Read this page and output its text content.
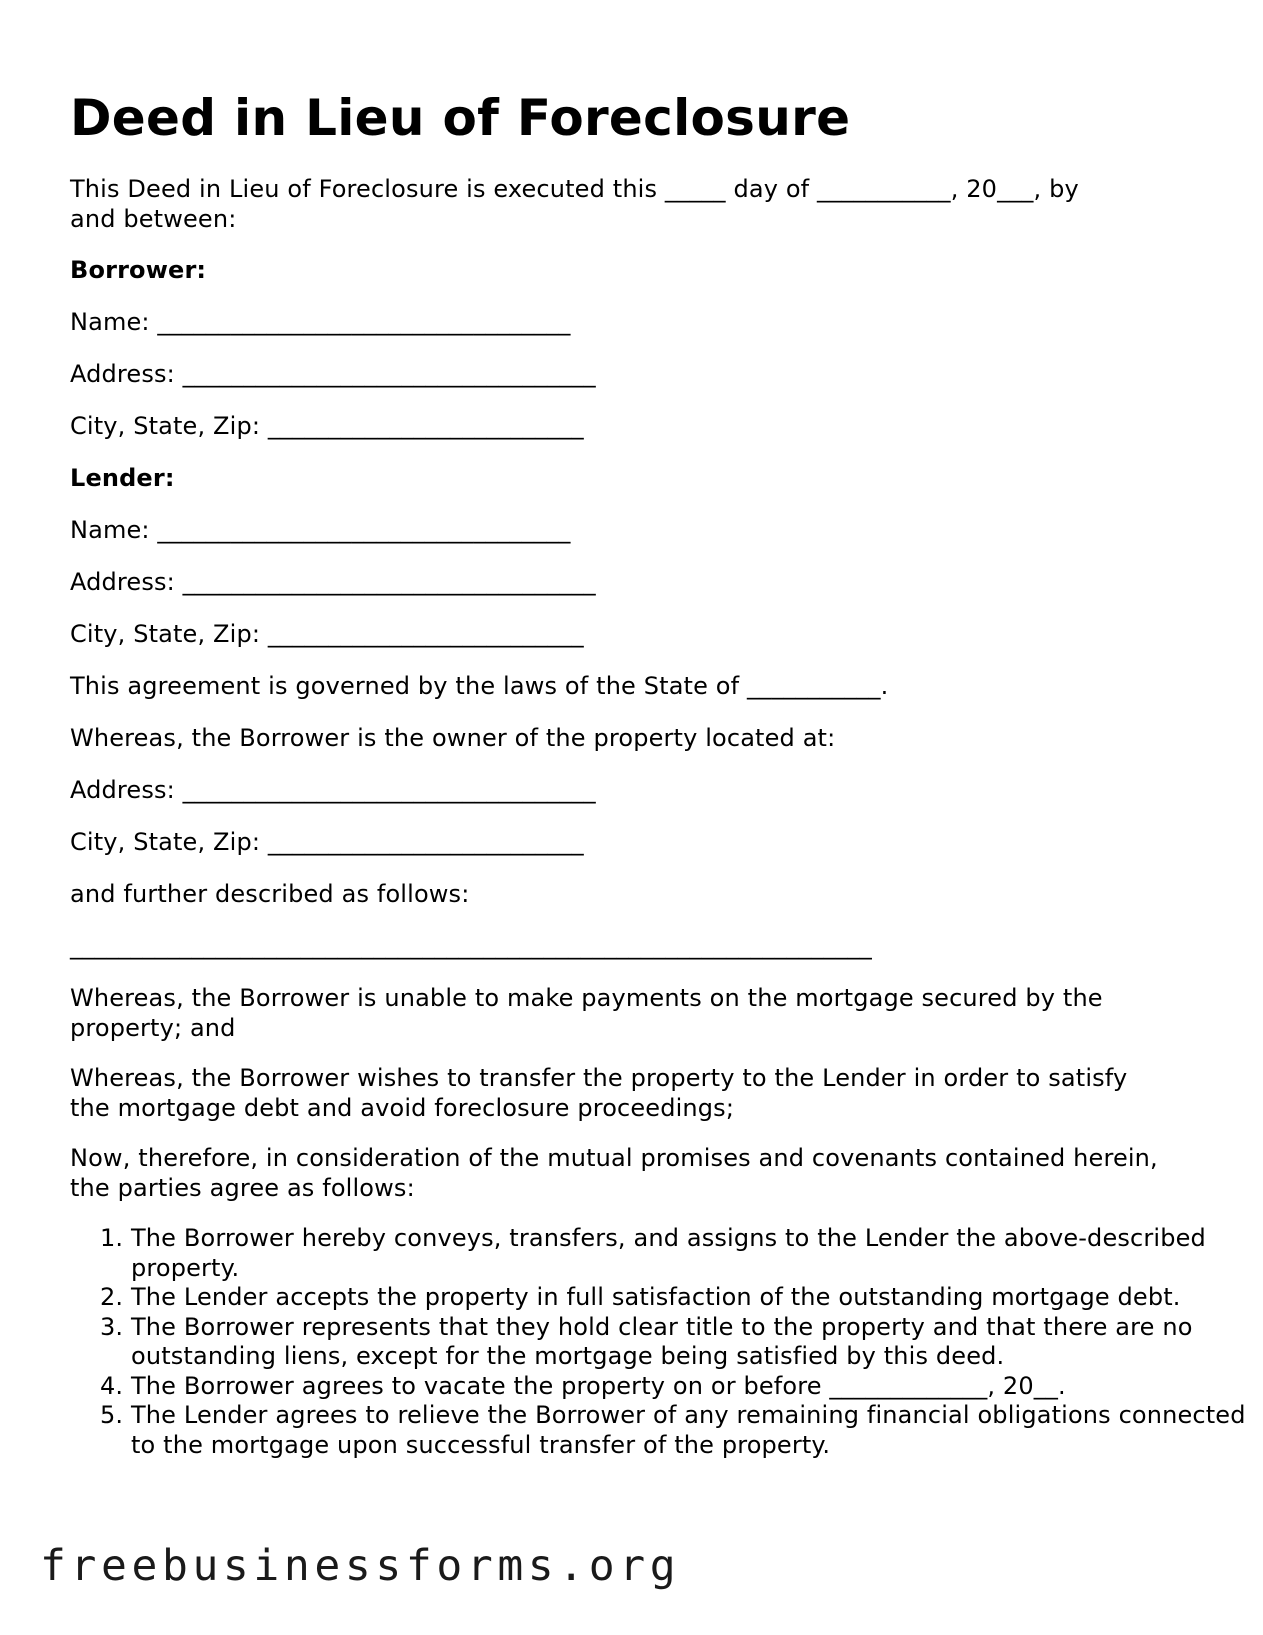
Deed in Lieu of Foreclosure

This Deed in Lieu of Foreclosure is executed this _____ day of ___________, 20___, by and between:

Borrower:

Name: __________________________________

Address: __________________________________

City, State, Zip: __________________________

Lender:

Name: __________________________________

Address: __________________________________

City, State, Zip: __________________________

This agreement is governed by the laws of the State of ___________.

Whereas, the Borrower is the owner of the property located at:

Address: __________________________________

City, State, Zip: __________________________

and further described as follows:

__________________________________________________________________

Whereas, the Borrower is unable to make payments on the mortgage secured by the property; and

Whereas, the Borrower wishes to transfer the property to the Lender in order to satisfy the mortgage debt and avoid foreclosure proceedings;

Now, therefore, in consideration of the mutual promises and covenants contained herein, the parties agree as follows:

1. The Borrower hereby conveys, transfers, and assigns to the Lender the above-described property.
2. The Lender accepts the property in full satisfaction of the outstanding mortgage debt.
3. The Borrower represents that they hold clear title to the property and that there are no outstanding liens, except for the mortgage being satisfied by this deed.
4. The Borrower agrees to vacate the property on or before _____________, 20__.
5. The Lender agrees to relieve the Borrower of any remaining financial obligations connected to the mortgage upon successful transfer of the property.

freebusinessforms.org
